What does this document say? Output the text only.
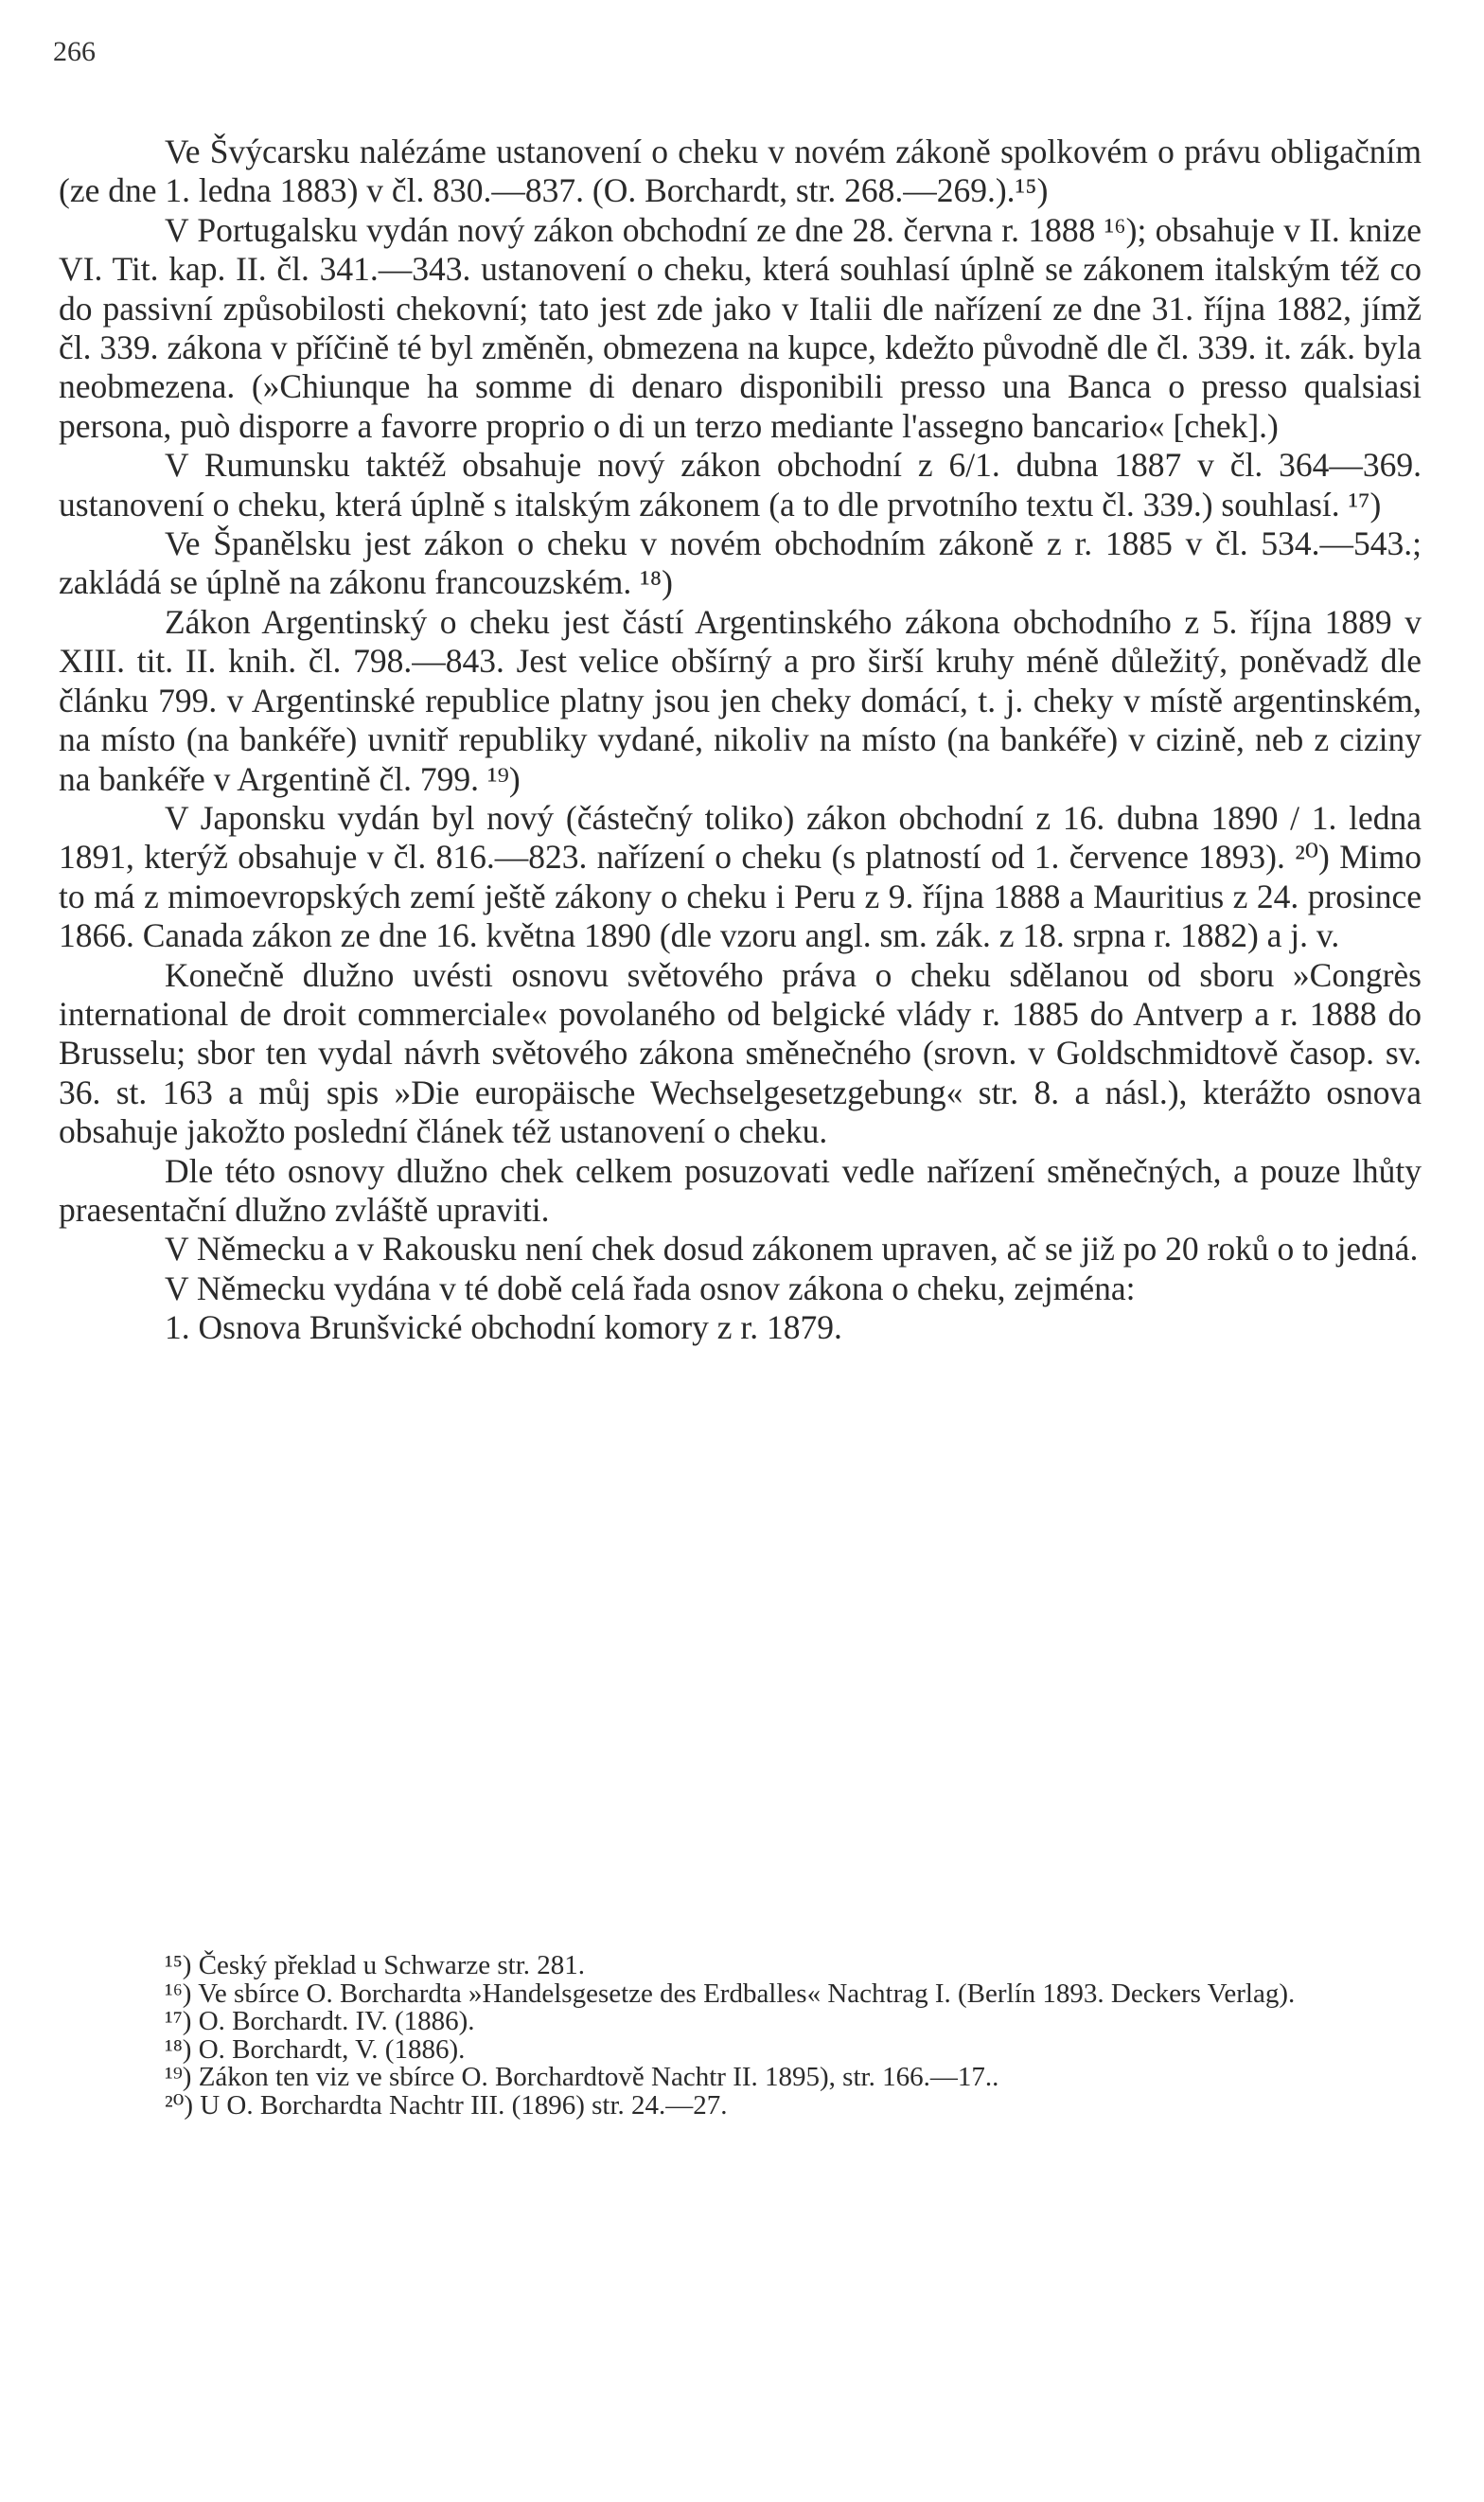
266

Ve Švýcarsku nalézáme ustanovení o cheku v novém zákoně spolkovém o právu obligačním (ze dne 1. ledna 1883) v čl. 830.—837. (O. Borchardt, str. 268.—269.).¹⁵)

V Portugalsku vydán nový zákon obchodní ze dne 28. června r. 1888 ¹⁶); obsahuje v II. knize VI. Tit. kap. II. čl. 341.—343. ustanovení o cheku, která souhlasí úplně se zákonem italským též co do passivní způsobilosti chekovní; tato jest zde jako v Italii dle nařízení ze dne 31. října 1882, jímž čl. 339. zákona v příčině té byl změněn, obmezena na kupce, kdežto původně dle čl. 339. it. zák. byla neobmezena. (»Chiunque ha somme di denaro disponibili presso una Banca o presso qualsiasi persona, può disporre a favorre proprio o di un terzo mediante l'assegno bancario« [chek].)

V Rumunsku taktéž obsahuje nový zákon obchodní z 6/1. dubna 1887 v čl. 364—369. ustanovení o cheku, která úplně s italským zákonem (a to dle prvotního textu čl. 339.) souhlasí. ¹⁷)

Ve Španělsku jest zákon o cheku v novém obchodním zákoně z r. 1885 v čl. 534.—543.; zakládá se úplně na zákonu francouzském. ¹⁸)

Zákon Argentinský o cheku jest částí Argentinského zákona obchodního z 5. října 1889 v XIII. tit. II. knih. čl. 798.—843. Jest velice obšírný a pro širší kruhy méně důležitý, poněvadž dle článku 799. v Argentinské republice platny jsou jen cheky domácí, t. j. cheky v místě argentinském, na místo (na bankéře) uvnitř republiky vydané, nikoliv na místo (na bankéře) v cizině, neb z ciziny na bankéře v Argentině čl. 799. ¹⁹)

V Japonsku vydán byl nový (částečný toliko) zákon obchodní z 16. dubna 1890 / 1. ledna 1891, kterýž obsahuje v čl. 816.—823. nařízení o cheku (s platností od 1. července 1893). ²⁰) Mimo to má z mimoevropských zemí ještě zákony o cheku i Peru z 9. října 1888 a Mauritius z 24. prosince 1866. Canada zákon ze dne 16. května 1890 (dle vzoru angl. sm. zák. z 18. srpna r. 1882) a j. v.

Konečně dlužno uvésti osnovu světového práva o cheku sdělanou od sboru »Congrès international de droit commerciale« povolaného od belgické vlády r. 1885 do Antverp a r. 1888 do Brusselu; sbor ten vydal návrh světového zákona směnečného (srovn. v Goldschmidtově časop. sv. 36. st. 163 a můj spis »Die europäische Wechselgesetzgebung« str. 8. a násl.), kterážto osnova obsahuje jakožto poslední článek též ustanovení o cheku.

Dle této osnovy dlužno chek celkem posuzovati vedle nařízení směnečných, a pouze lhůty praesentační dlužno zvláště upraviti.

V Německu a v Rakousku není chek dosud zákonem upraven, ač se již po 20 roků o to jedná.

V Německu vydána v té době celá řada osnov zákona o cheku, zejména:

1. Osnova Brunšvické obchodní komory z r. 1879.

¹⁵) Český překlad u Schwarze str. 281.

¹⁶) Ve sbírce O. Borchardta »Handelsgesetze des Erdballes« Nachtrag I. (Berlín 1893. Deckers Verlag).

¹⁷) O. Borchardt. IV. (1886).

¹⁸) O. Borchardt, V. (1886).

¹⁹) Zákon ten viz ve sbírce O. Borchardtově Nachtr II. 1895), str. 166.—17..

²⁰) U O. Borchardta Nachtr III. (1896) str. 24.—27.
